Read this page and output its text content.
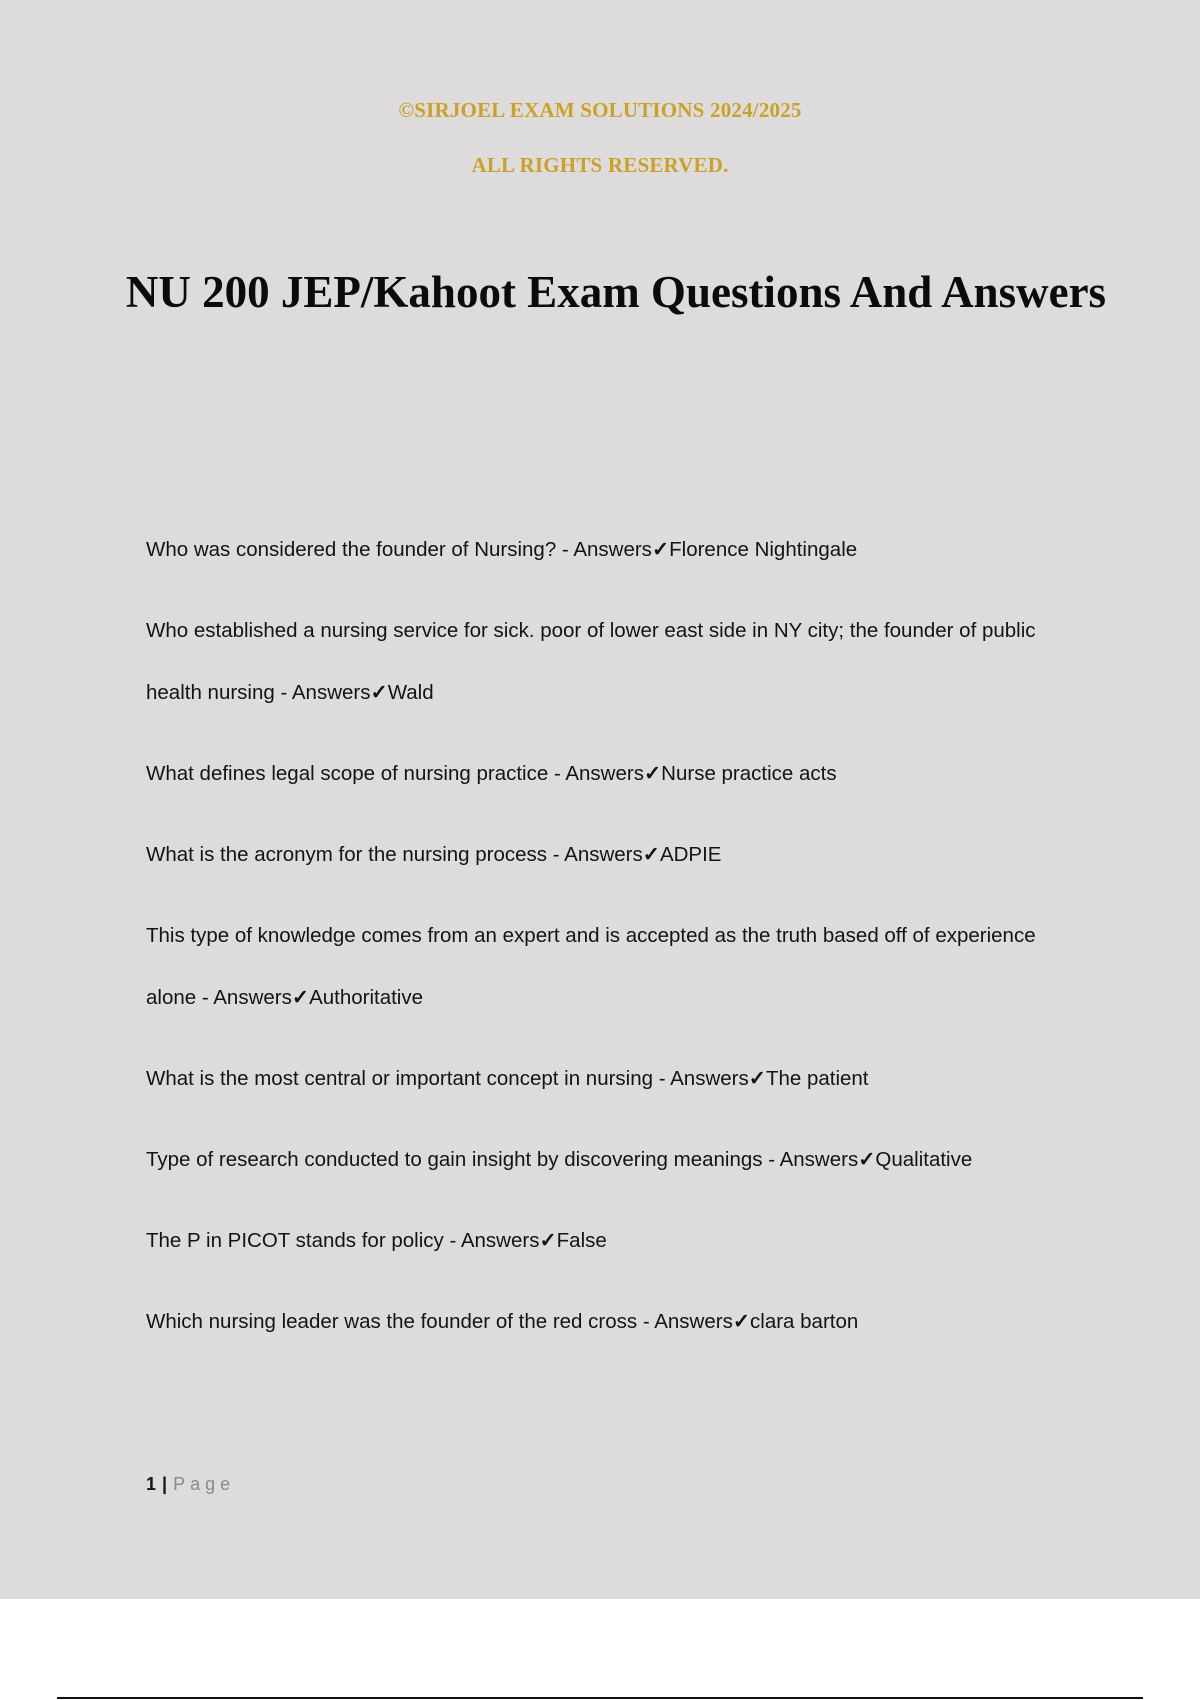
©SIRJOEL EXAM SOLUTIONS 2024/2025
ALL RIGHTS RESERVED.
NU 200 JEP/Kahoot Exam Questions And Answers
Who was considered the founder of Nursing? - Answers✓Florence Nightingale
Who established a nursing service for sick. poor of lower east side in NY city; the founder of public health nursing - Answers✓Wald
What defines legal scope of nursing practice - Answers✓Nurse practice acts
What is the acronym for the nursing process - Answers✓ADPIE
This type of knowledge comes from an expert and is accepted as the truth based off of experience alone - Answers✓Authoritative
What is the most central or important concept in nursing - Answers✓The patient
Type of research conducted to gain insight by discovering meanings - Answers✓Qualitative
The P in PICOT stands for policy - Answers✓False
Which nursing leader was the founder of the red cross - Answers✓clara barton
1 | Page
